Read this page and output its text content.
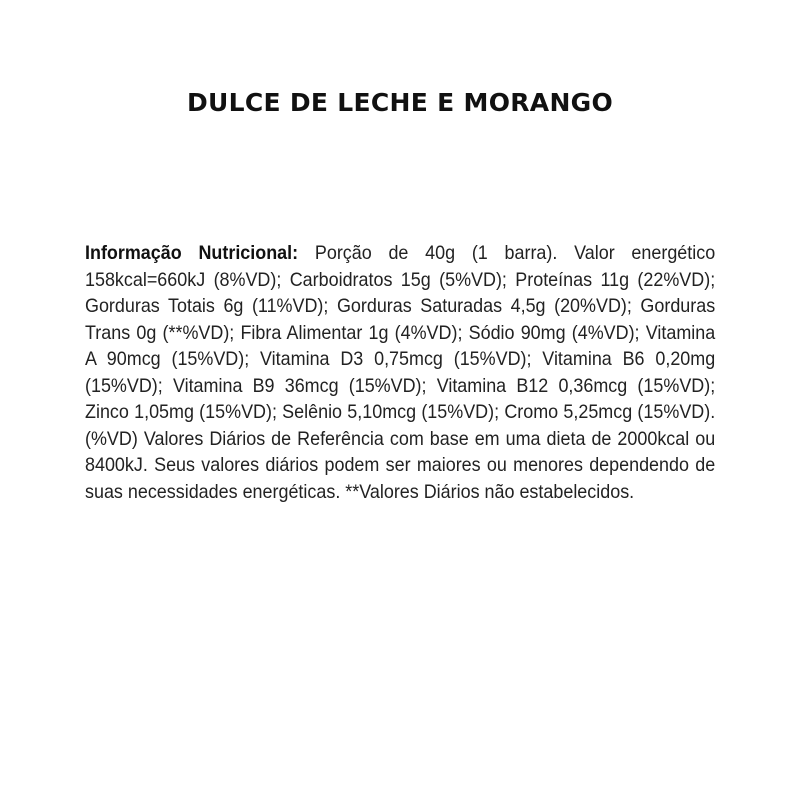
DULCE DE LECHE E MORANGO

Informação Nutricional: Porção de 40g (1 barra). Valor energético 158kcal=660kJ (8%VD); Carboidratos 15g (5%VD); Proteínas 11g (22%VD); Gorduras Totais 6g (11%VD); Gorduras Saturadas 4,5g (20%VD); Gorduras Trans 0g (**%VD); Fibra Alimentar 1g (4%VD); Sódio 90mg (4%VD); Vitamina A 90mcg (15%VD); Vitamina D3 0,75mcg (15%VD); Vitamina B6 0,20mg (15%VD); Vitamina B9 36mcg (15%VD); Vitamina B12 0,36mcg (15%VD); Zinco 1,05mg (15%VD); Selênio 5,10mcg (15%VD); Cromo 5,25mcg (15%VD). (%VD) Valores Diários de Referência com base em uma dieta de 2000kcal ou 8400kJ. Seus valores diários podem ser maiores ou menores dependendo de suas necessidades energéticas. **Valores Diários não estabelecidos.
